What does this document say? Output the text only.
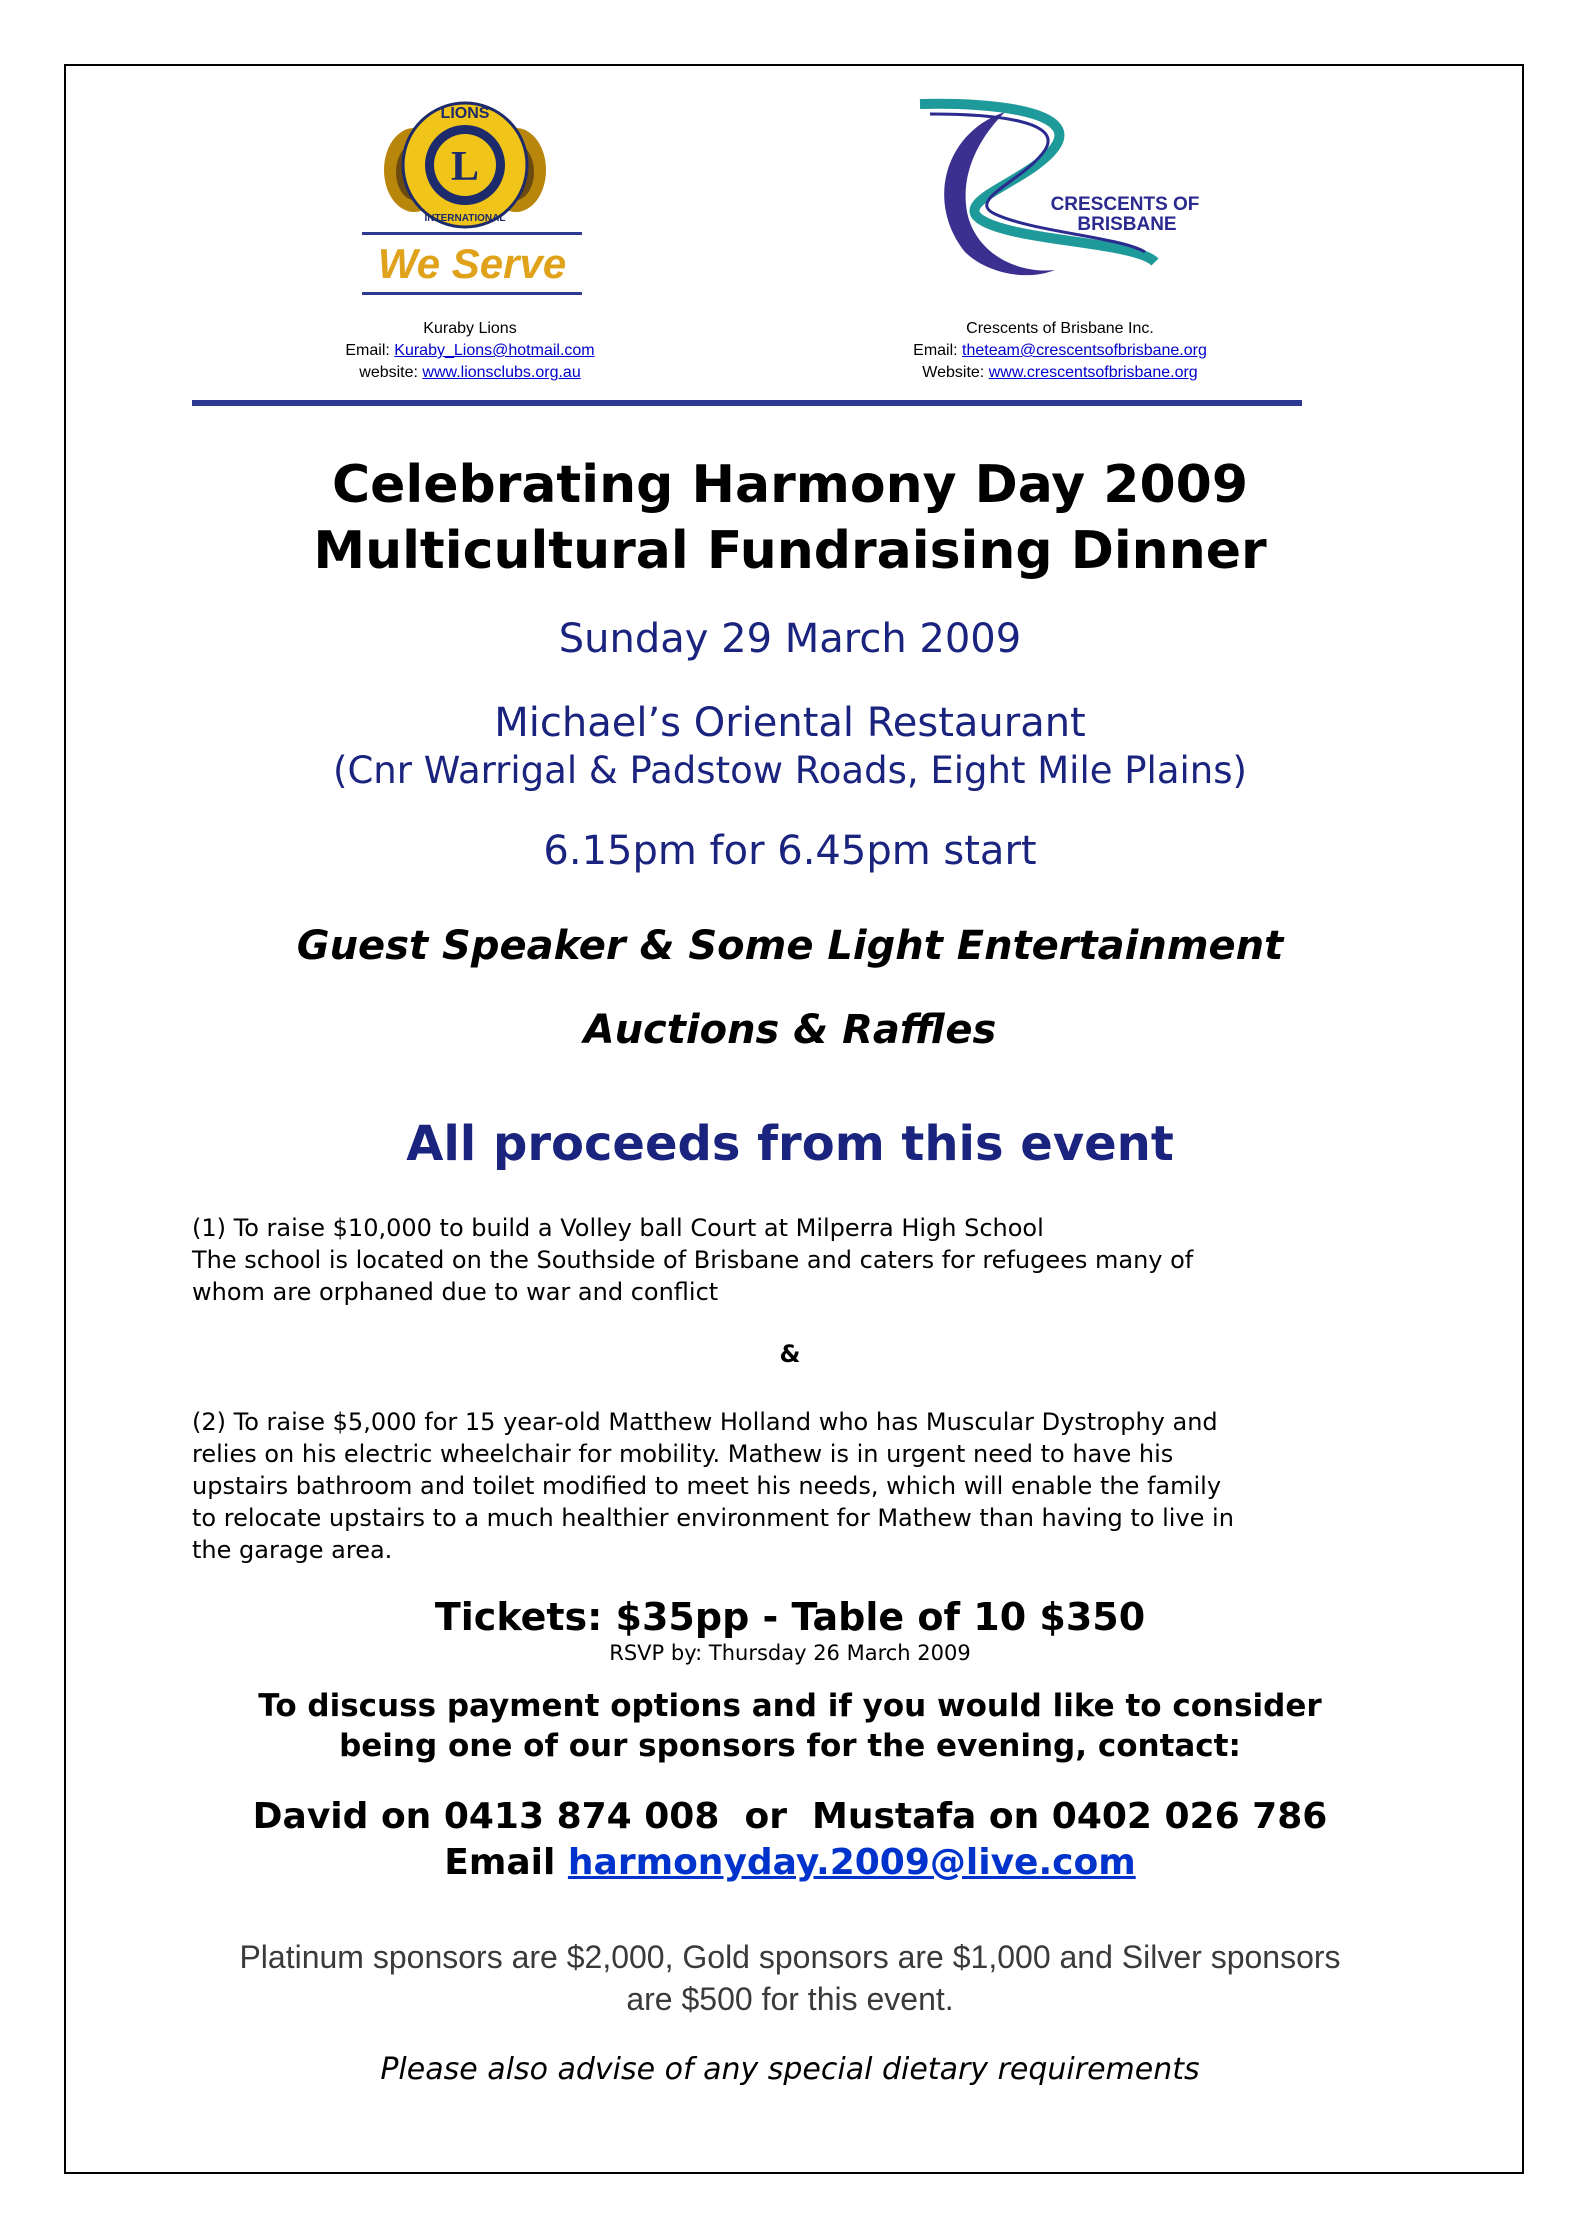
L
LIONS
INTERNATIONAL
We Serve
Kuraby Lions
Email: Kuraby_Lions@hotmail.com
website: www.lionsclubs.org.au
CRESCENTS OF
BRISBANE
Crescents of Brisbane Inc.
Email: theteam@crescentsofbrisbane.org
Website: www.crescentsofbrisbane.org
Celebrating Harmony Day 2009
Multicultural Fundraising Dinner
Sunday 29 March 2009
Michael’s Oriental Restaurant
(Cnr Warrigal & Padstow Roads, Eight Mile Plains)
6.15pm for 6.45pm start
Guest Speaker & Some Light Entertainment
Auctions & Raffles
All proceeds from this event
(1) To raise $10,000 to build a Volley ball Court at Milperra High School
The school is located on the Southside of Brisbane and caters for refugees many of
whom are orphaned due to war and conflict
&
(2) To raise $5,000 for 15 year-old Matthew Holland who has Muscular Dystrophy and
relies on his electric wheelchair for mobility. Mathew is in urgent need to have his
upstairs bathroom and toilet modified to meet his needs, which will enable the family
to relocate upstairs to a much healthier environment for Mathew than having to live in
the garage area.
Tickets: $35pp - Table of 10 $350
RSVP by: Thursday 26 March 2009
To discuss payment options and if you would like to consider
being one of our sponsors for the evening, contact:
David on 0413 874 008  or  Mustafa on 0402 026 786
Email harmonyday.2009@live.com
Platinum sponsors are $2,000, Gold sponsors are $1,000 and Silver sponsors
are $500 for this event.
Please also advise of any special dietary requirements
